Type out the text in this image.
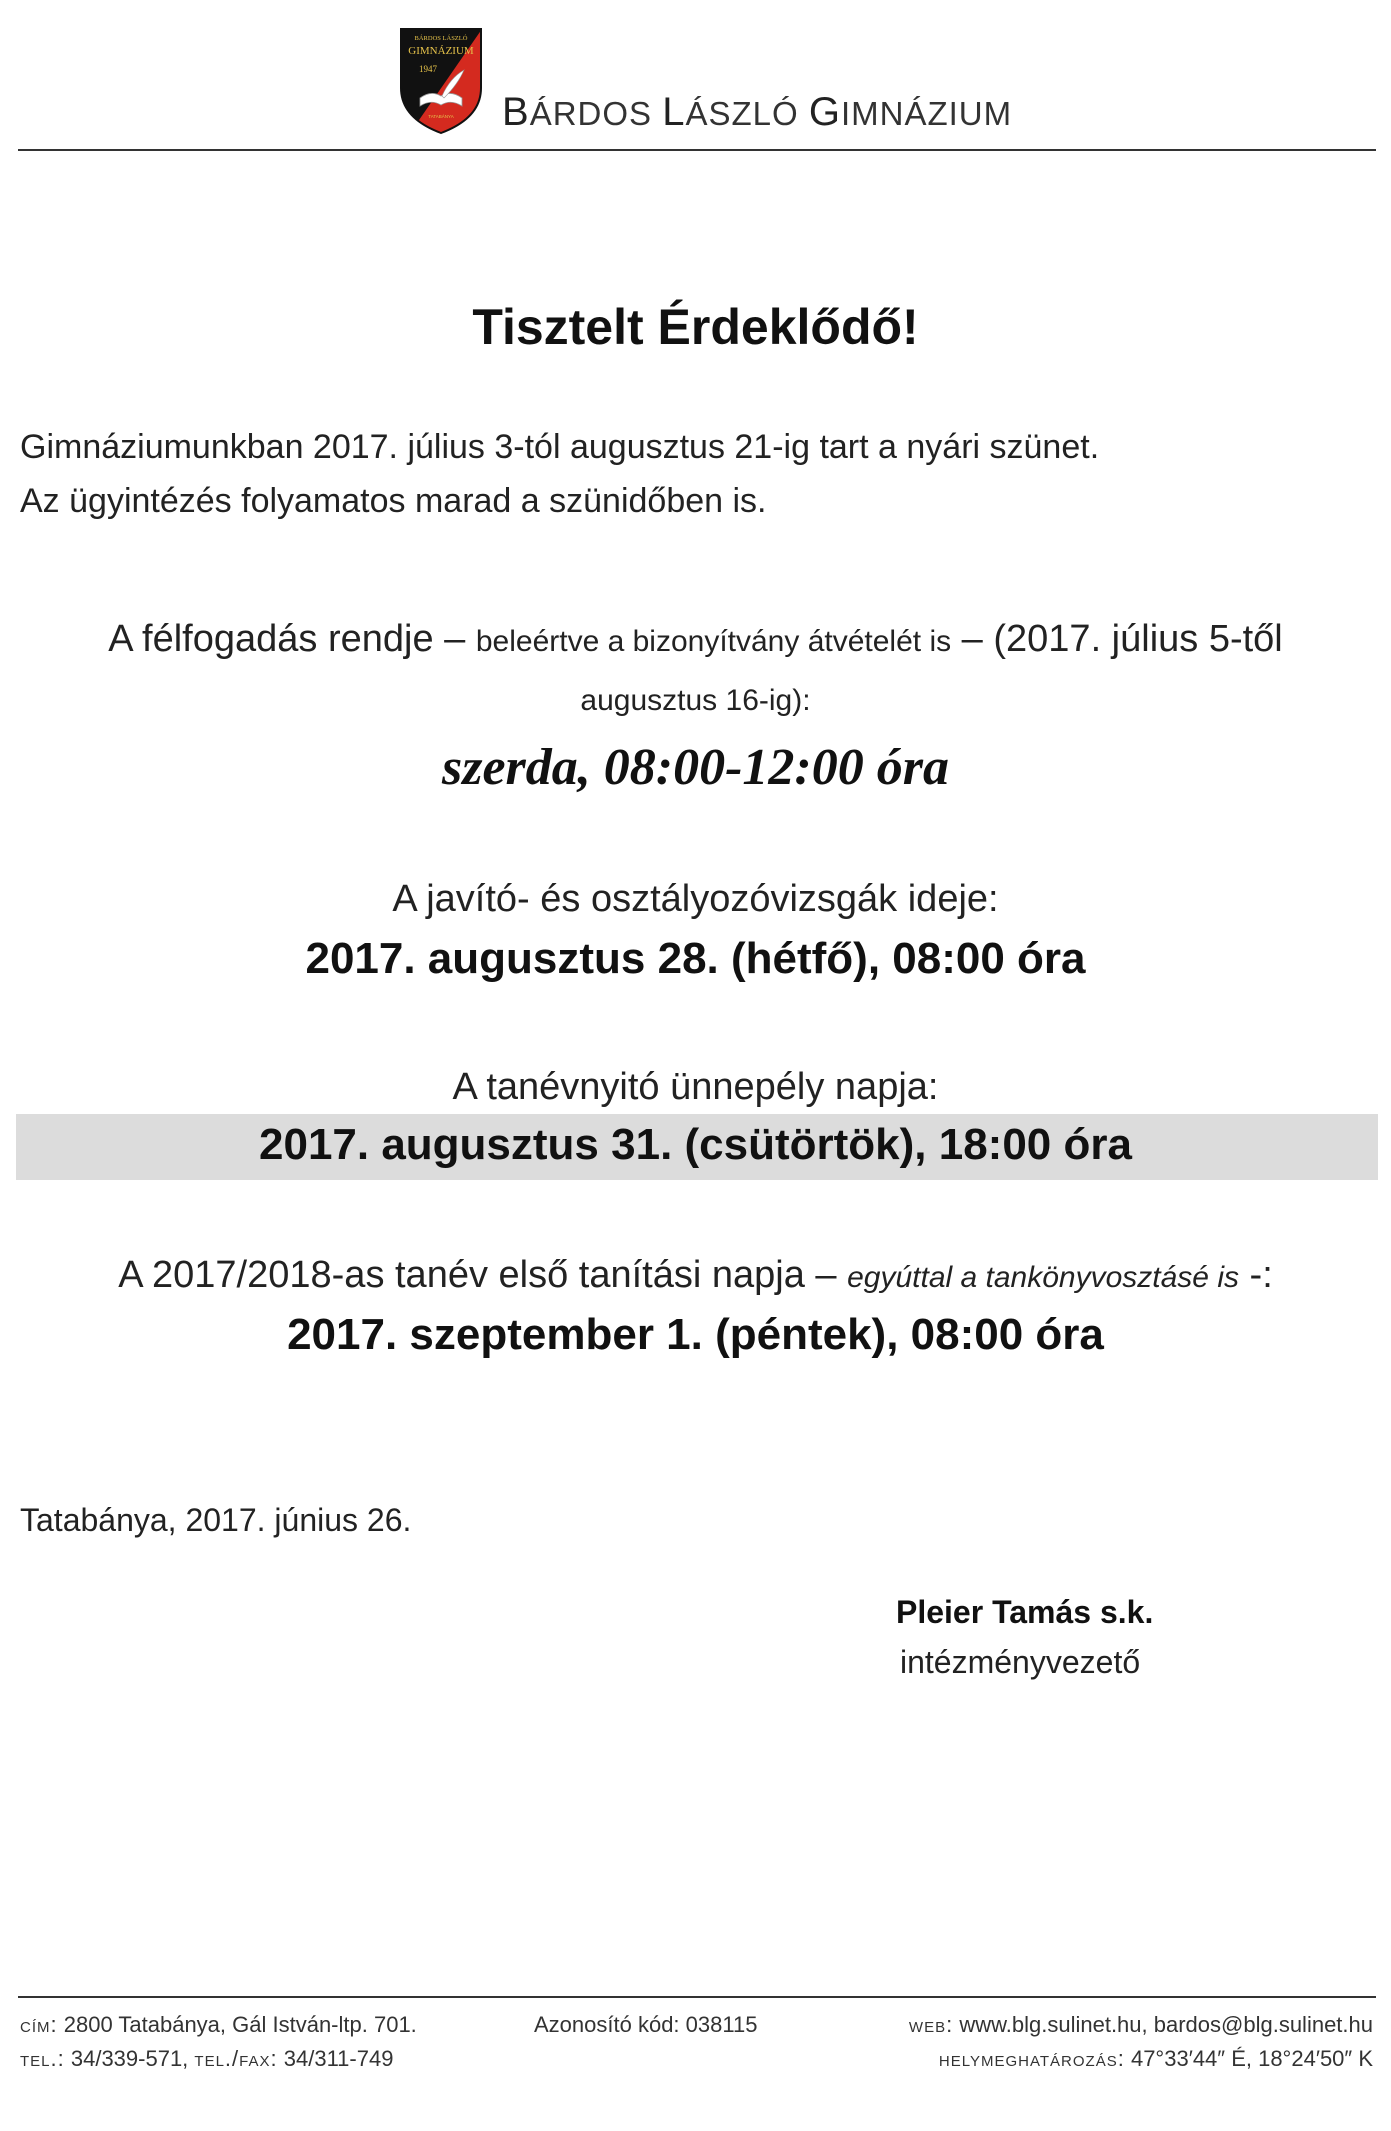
BÁRDOS LÁSZLÓ
GIMNÁZIUM
1947
TATABÁNYA BÁRDOS LÁSZLÓ GIMNÁZIUM
Tisztelt Érdeklődő!
Gimnáziumunkban 2017. július 3-tól augusztus 21-ig tart a nyári szünet.
Az ügyintézés folyamatos marad a szünidőben is.
A félfogadás rendje – beleértve a bizonyítvány átvételét is – (2017. július 5-től
augusztus 16-ig):
szerda, 08:00-12:00 óra
A javító- és osztályozóvizsgák ideje:
2017. augusztus 28. (hétfő), 08:00 óra
A tanévnyitó ünnepély napja:
2017. augusztus 31. (csütörtök), 18:00 óra
A 2017/2018-as tanév első tanítási napja – egyúttal a tankönyvosztásé is -:
2017. szeptember 1. (péntek), 08:00 óra
Tatabánya, 2017. június 26.
Pleier Tamás s.k.
intézményvezető
cím: 2800 Tatabánya, Gál István-ltp. 701.
tel.: 34/339-571, tel./fax: 34/311-749
Azonosító kód: 038115	web: www.blg.sulinet.hu, bardos@blg.sulinet.hu
helymeghatározás: 47°33′44″ É, 18°24′50″ K
